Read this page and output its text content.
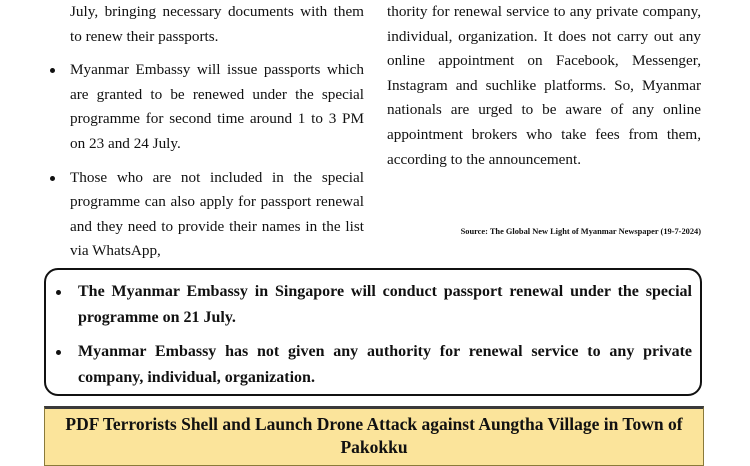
July, bringing necessary documents with them to renew their passports.

Myanmar Embassy will issue passports which are granted to be renewed under the special programme for second time around 1 to 3 PM on 23 and 24 July.
Those who are not included in the special programme can also apply for passport renewal and they need to provide their names in the list via WhatsApp,

thority for renewal service to any private company, individual, organization. It does not carry out any online appointment on Facebook, Messenger, Instagram and suchlike platforms. So, Myanmar nationals are urged to be aware of any online appointment brokers who take fees from them, according to the announcement.

Source: The Global New Light of Myanmar Newspaper (19-7-2024)
The Myanmar Embassy in Singapore will conduct passport renewal under the special programme on 21 July.
Myanmar Embassy has not given any authority for renewal service to any private company, individual, organization.
PDF Terrorists Shell and Launch Drone Attack against Aungtha Village in Town of Pakokku
